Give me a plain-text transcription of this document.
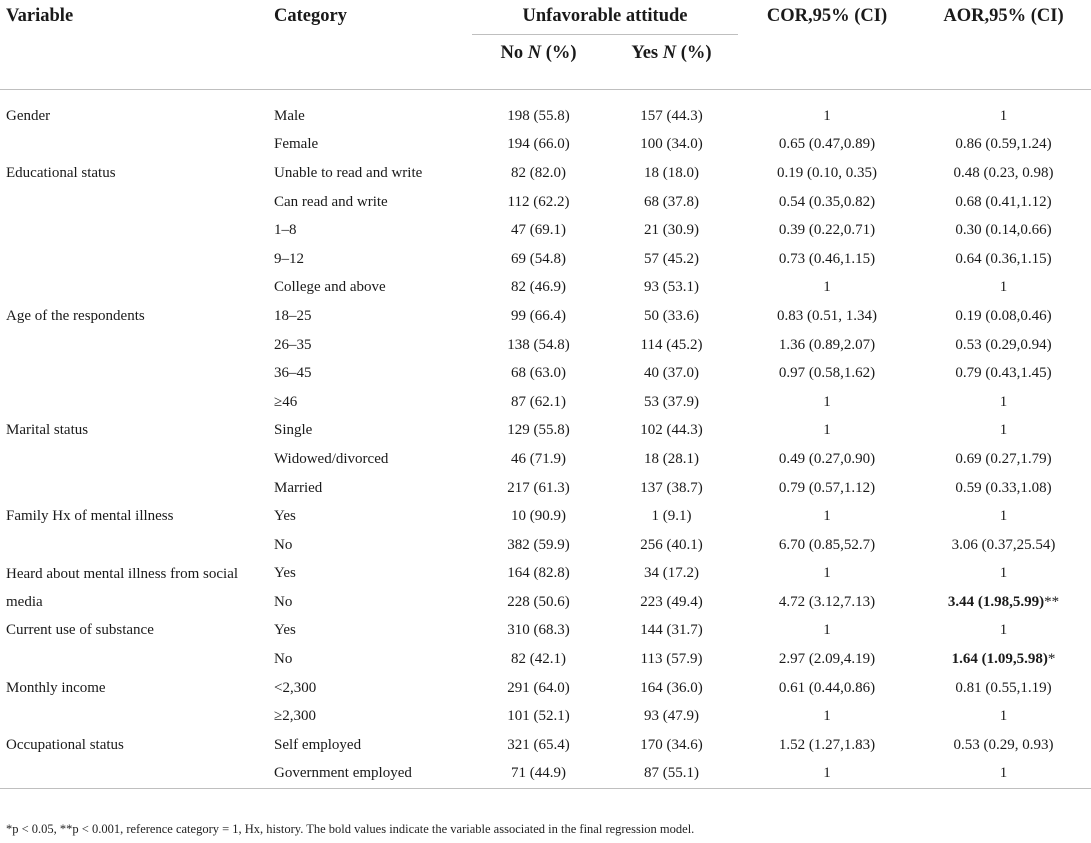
Variable	Category	Unfavorable attitude		COR,95% (CI)	AOR,95% (CI)
		No N (%)	Yes N (%)		

Gender	Male	198 (55.8)	157 (44.3)	1	1
	Female	194 (66.0)	100 (34.0)	0.65 (0.47,0.89)	0.86 (0.59,1.24)
Educational status	Unable to read and write	82 (82.0)	18 (18.0)	0.19 (0.10, 0.35)	0.48 (0.23, 0.98)
	Can read and write	112 (62.2)	68 (37.8)	0.54 (0.35,0.82)	0.68 (0.41,1.12)
	1–8	47 (69.1)	21 (30.9)	0.39 (0.22,0.71)	0.30 (0.14,0.66)
	9–12	69 (54.8)	57 (45.2)	0.73 (0.46,1.15)	0.64 (0.36,1.15)
	College and above	82 (46.9)	93 (53.1)	1	1
Age of the respondents	18–25	99 (66.4)	50 (33.6)	0.83 (0.51, 1.34)	0.19 (0.08,0.46)
	26–35	138 (54.8)	114 (45.2)	1.36 (0.89,2.07)	0.53 (0.29,0.94)
	36–45	68 (63.0)	40 (37.0)	0.97 (0.58,1.62)	0.79 (0.43,1.45)
	≥46	87 (62.1)	53 (37.9)	1	1
Marital status	Single	129 (55.8)	102 (44.3)	1	1
	Widowed/divorced	46 (71.9)	18 (28.1)	0.49 (0.27,0.90)	0.69 (0.27,1.79)
	Married	217 (61.3)	137 (38.7)	0.79 (0.57,1.12)	0.59 (0.33,1.08)
Family Hx of mental illness	Yes	10 (90.9)	1 (9.1)	1	1
	No	382 (59.9)	256 (40.1)	6.70 (0.85,52.7)	3.06 (0.37,25.54)
Heard about mental illness from social media	Yes	164 (82.8)	34 (17.2)	1	1
	No	228 (50.6)	223 (49.4)	4.72 (3.12,7.13)	3.44 (1.98,5.99)**
Current use of substance	Yes	310 (68.3)	144 (31.7)	1	1
	No	82 (42.1)	113 (57.9)	2.97 (2.09,4.19)	1.64 (1.09,5.98)*
Monthly income	<2,300	291 (64.0)	164 (36.0)	0.61 (0.44,0.86)	0.81 (0.55,1.19)
	≥2,300	101 (52.1)	93 (47.9)	1	1
Occupational status	Self employed	321 (65.4)	170 (34.6)	1.52 (1.27,1.83)	0.53 (0.29, 0.93)
	Government employed	71 (44.9)	87 (55.1)	1	1
*p < 0.05, **p < 0.001, reference category = 1, Hx, history. The bold values indicate the variable associated in the final regression model.
